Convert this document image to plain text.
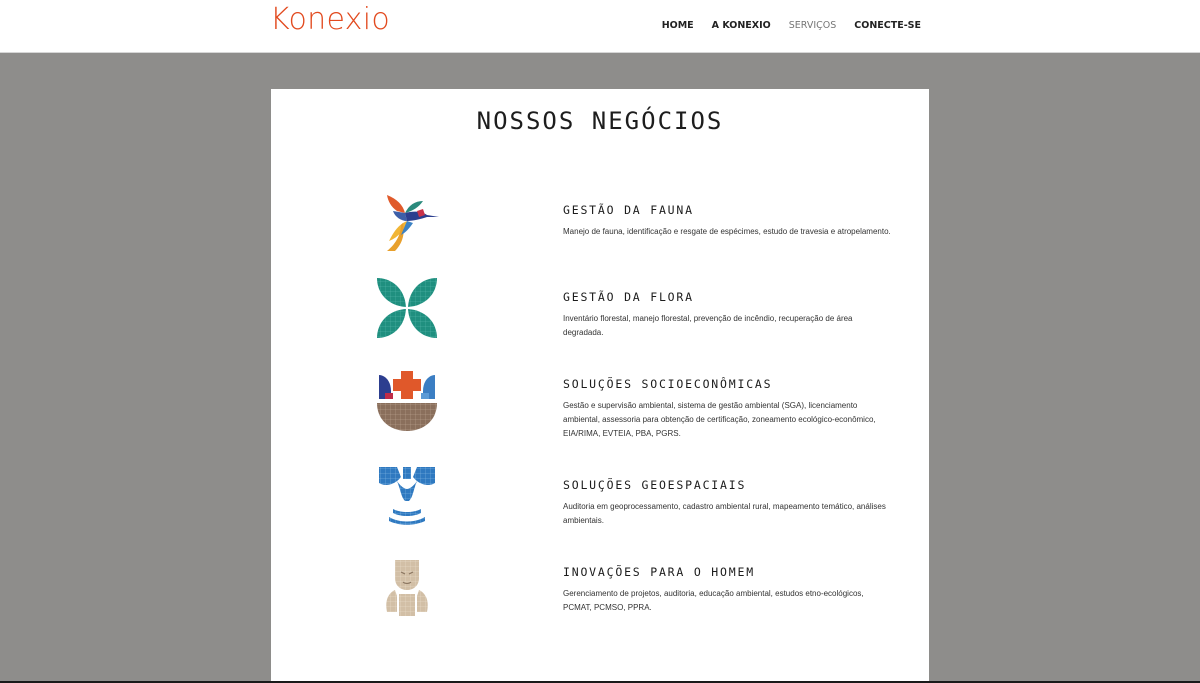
Konexio	HOME A KONEXIO SERVIÇOS CONECTE-SE
NOSSOS NEGÓCIOS
GESTÃO DA FAUNA
Manejo de fauna, identificação e resgate de espécimes, estudo de travesia e atropelamento.
GESTÃO DA FLORA
Inventário florestal, manejo florestal, prevenção de incêndio, recuperação de área degradada.
SOLUÇÕES SOCIOECONÔMICAS
Gestão e supervisão ambiental, sistema de gestão ambiental (SGA), licenciamento ambiental, assessoria para obtenção de certificação, zoneamento ecológico-econômico, EIA/RIMA, EVTEIA, PBA, PGRS.
SOLUÇÕES GEOESPACIAIS
Auditoria em geoprocessamento, cadastro ambiental rural, mapeamento temático, análises ambientais.
INOVAÇÕES PARA O HOMEM
Gerenciamento de projetos, auditoria, educação ambiental, estudos etno-ecológicos, PCMAT, PCMSO, PPRA.
